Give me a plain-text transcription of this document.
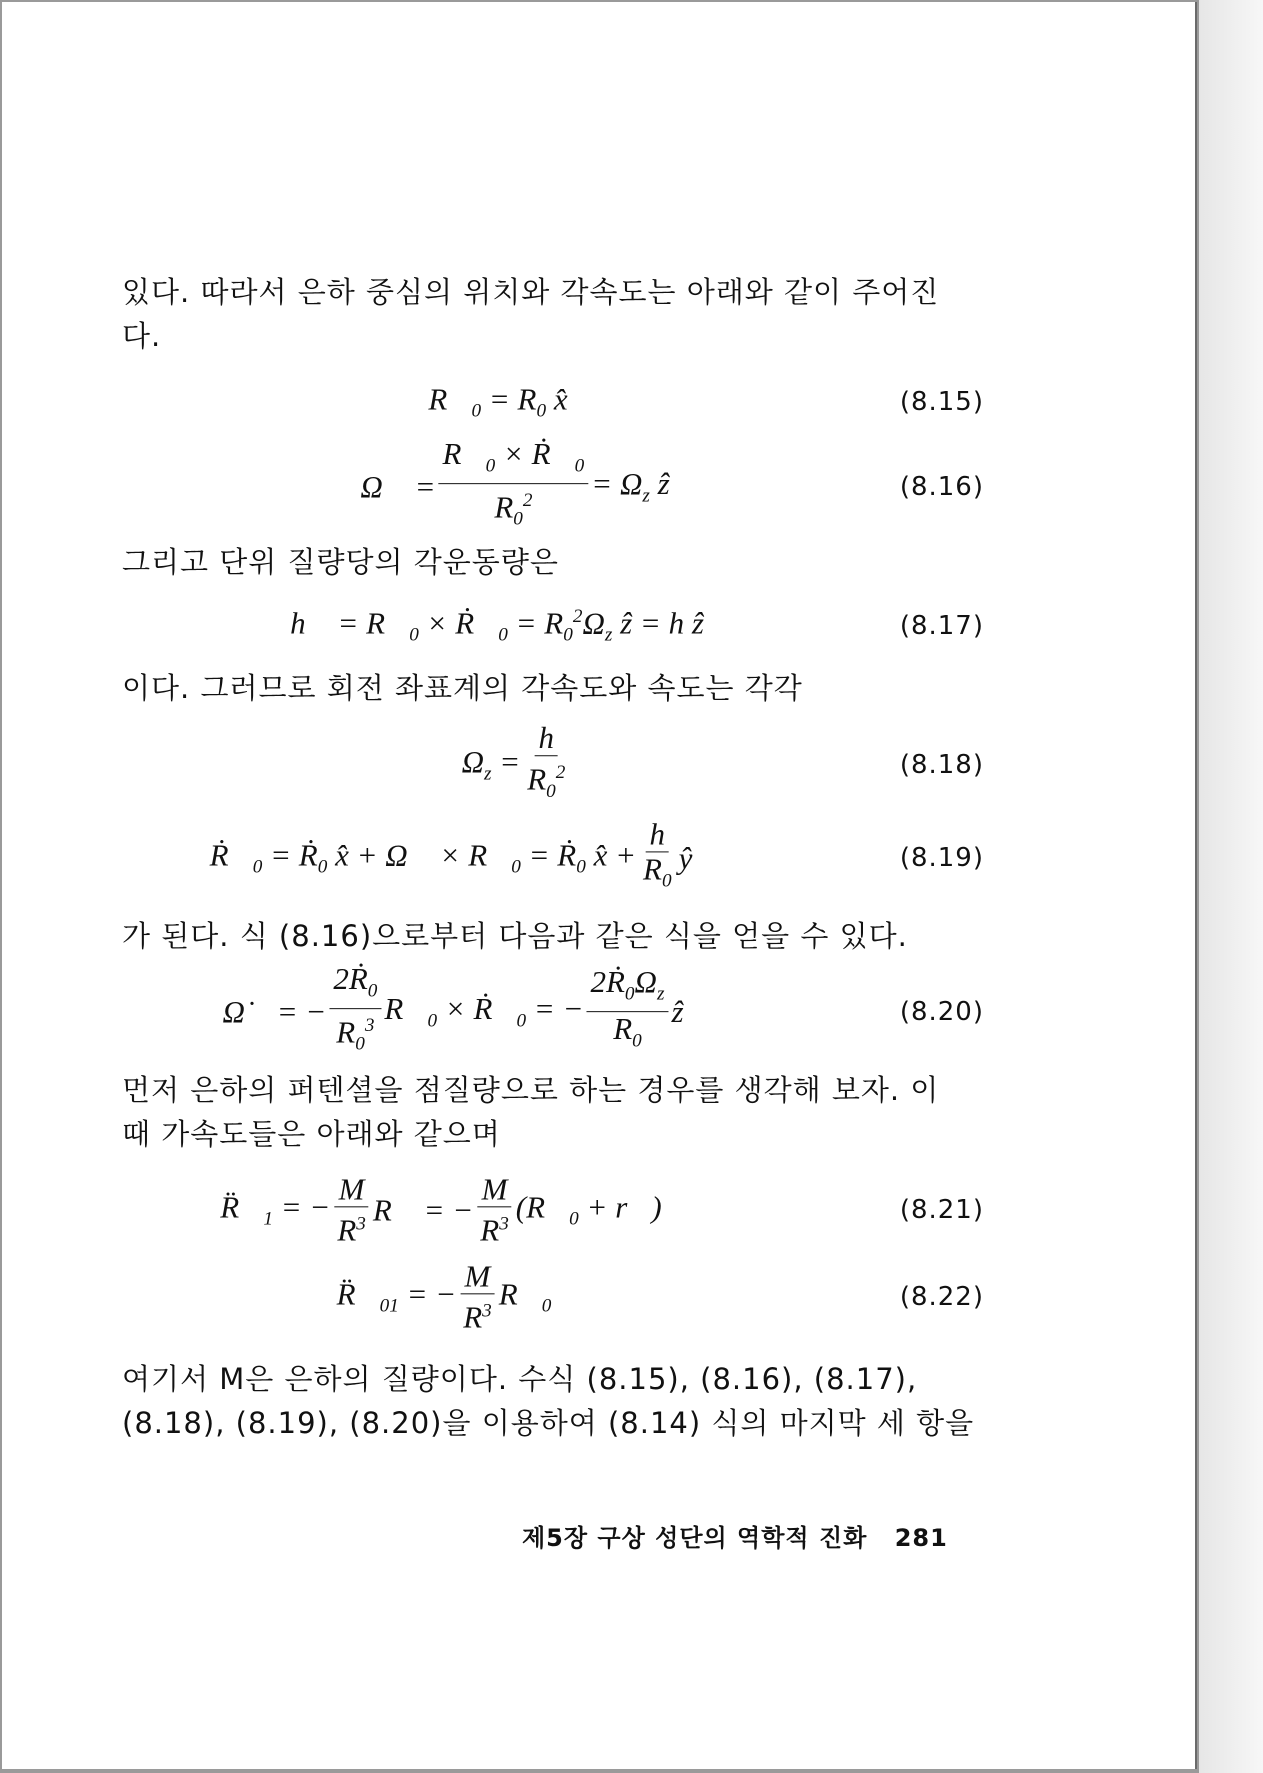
있다. 따라서 은하 중심의 위치와 각속도는 아래와 같이 주어진
다.
$R⃗_0 = R_0$ x̂	(8.15)
Ω⃗ = $\frac{R⃗_0 \times Ṙ⃗_0}{R_0^2} = \Omega_z$ ẑ	(8.16)
그리고 단위 질량당의 각운동량은
h⃗ = $R⃗_0$ × $Ṙ⃗_0 = R_0^2\Omega_z$ ẑ = h ẑ	(8.17)
이다. 그러므로 회전 좌표계의 각속도와 속도는 각각
$\Omega_z = \frac{h}{R_0^2}$	(8.18)
$Ṙ⃗_0$ = Ṙ$_0$ x̂ + Ω⃗ × $R⃗_0$ = Ṙ$_0$ x̂ + $\frac{h}{R_0}$ ŷ	(8.19)
가 된다. 식 (8.16)으로부터 다음과 같은 식을 얻을 수 있다.
Ω̇⃗ = − $\frac{2Ṙ_0}{R_0^3}$ $R⃗_0$ × $Ṙ⃗_0$ = − $\frac{2Ṙ_0\Omega_z}{R_0}$ ẑ	(8.20)
먼저 은하의 퍼텐셜을 점질량으로 하는 경우를 생각해 보자. 이
때 가속도들은 아래와 같으며
$R̈⃗_1$ = − $\frac{M}{R^3}$ R⃗ = − $\frac{M}{R^3}$ ($R⃗_0$ + r⃗)	(8.21)
$R̈⃗_{01}$ = − $\frac{M}{R^3}$ $R⃗_0$	(8.22)
여기서 M은 은하의 질량이다. 수식 (8.15), (8.16), (8.17),
(8.18), (8.19), (8.20)을 이용하여 (8.14) 식의 마지막 세 항을
제5장 구상 성단의 역학적 진화 281
